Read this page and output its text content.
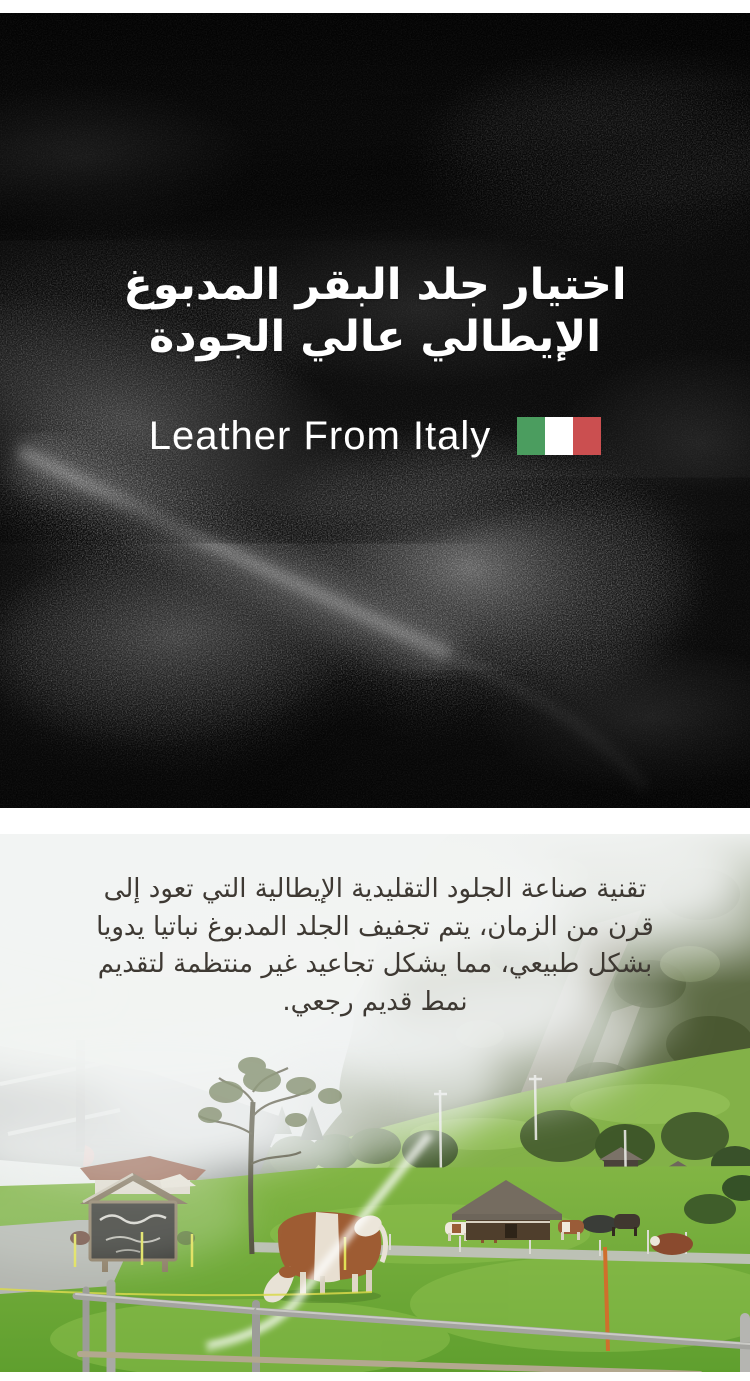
اختيار جلد البقر المدبوغ
الإيطالي عالي الجودة
Leather From Italy
تقنية صناعة الجلود التقليدية الإيطالية التي تعود إلى
قرن من الزمان، يتم تجفيف الجلد المدبوغ نباتيا يدويا
بشكل طبيعي، مما يشكل تجاعيد غير منتظمة لتقديم
نمط قديم رجعي.
